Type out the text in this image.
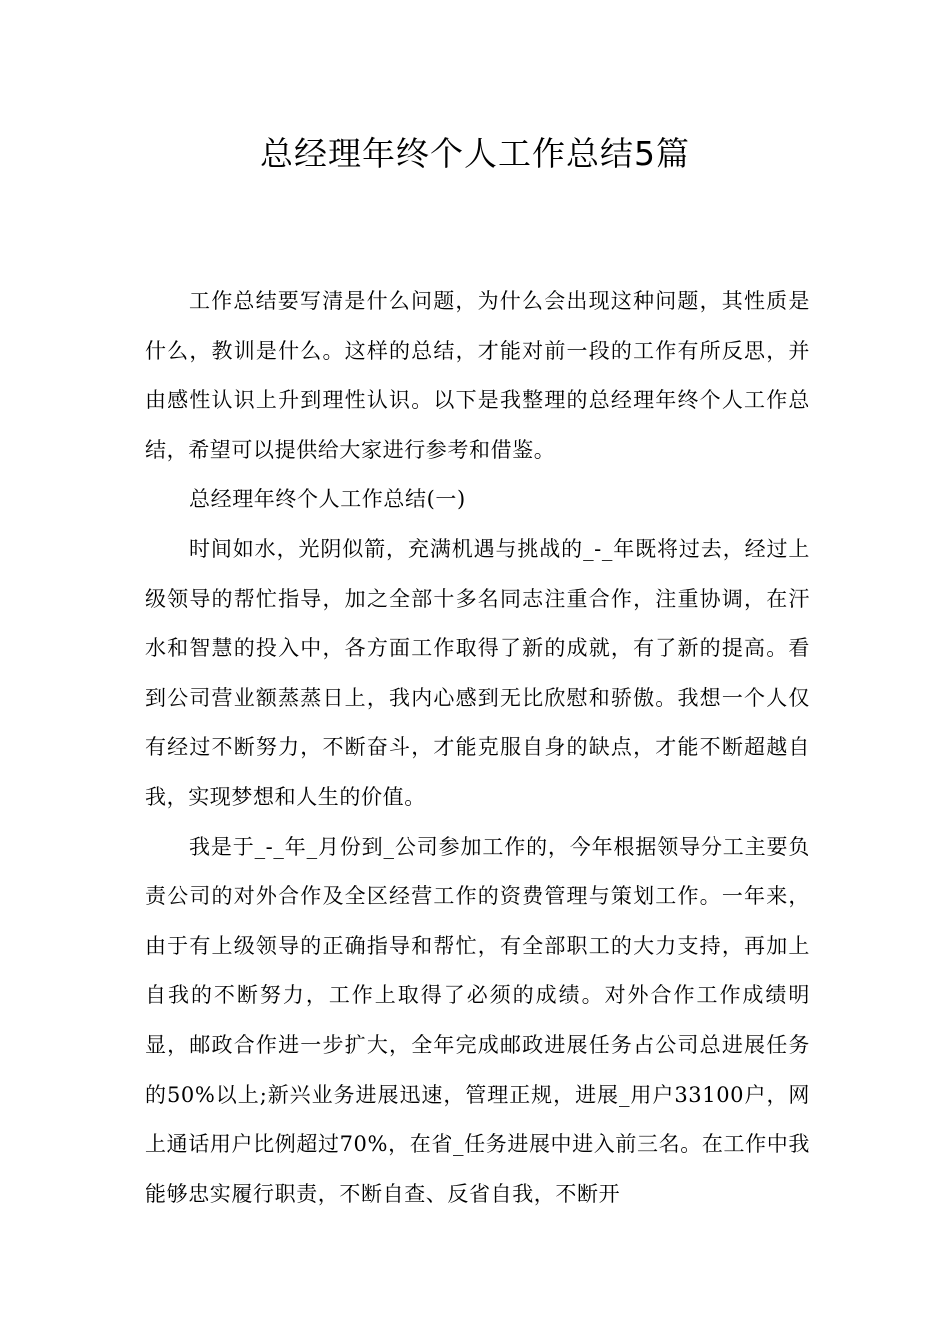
总经理年终个人工作总结5篇

工作总结要写清是什么问题，为什么会出现这种问题，其性质是什么，教训是什么。这样的总结，才能对前一段的工作有所反思，并由感性认识上升到理性认识。以下是我整理的总经理年终个人工作总结，希望可以提供给大家进行参考和借鉴。

总经理年终个人工作总结(一)

时间如水，光阴似箭，充满机遇与挑战的_-_年既将过去，经过上级领导的帮忙指导，加之全部十多名同志注重合作，注重协调，在汗水和智慧的投入中，各方面工作取得了新的成就，有了新的提高。看到公司营业额蒸蒸日上，我内心感到无比欣慰和骄傲。我想一个人仅有经过不断努力，不断奋斗，才能克服自身的缺点，才能不断超越自我，实现梦想和人生的价值。

我是于_-_年_月份到_公司参加工作的，今年根据领导分工主要负责公司的对外合作及全区经营工作的资费管理与策划工作。一年来，由于有上级领导的正确指导和帮忙，有全部职工的大力支持，再加上自我的不断努力，工作上取得了必须的成绩。对外合作工作成绩明显，邮政合作进一步扩大，全年完成邮政进展任务占公司总进展任务的50%以上;新兴业务进展迅速，管理正规，进展_用户33100户，网上通话用户比例超过70%，在省_任务进展中进入前三名。在工作中我能够忠实履行职责，不断自查、反省自我，不断开
